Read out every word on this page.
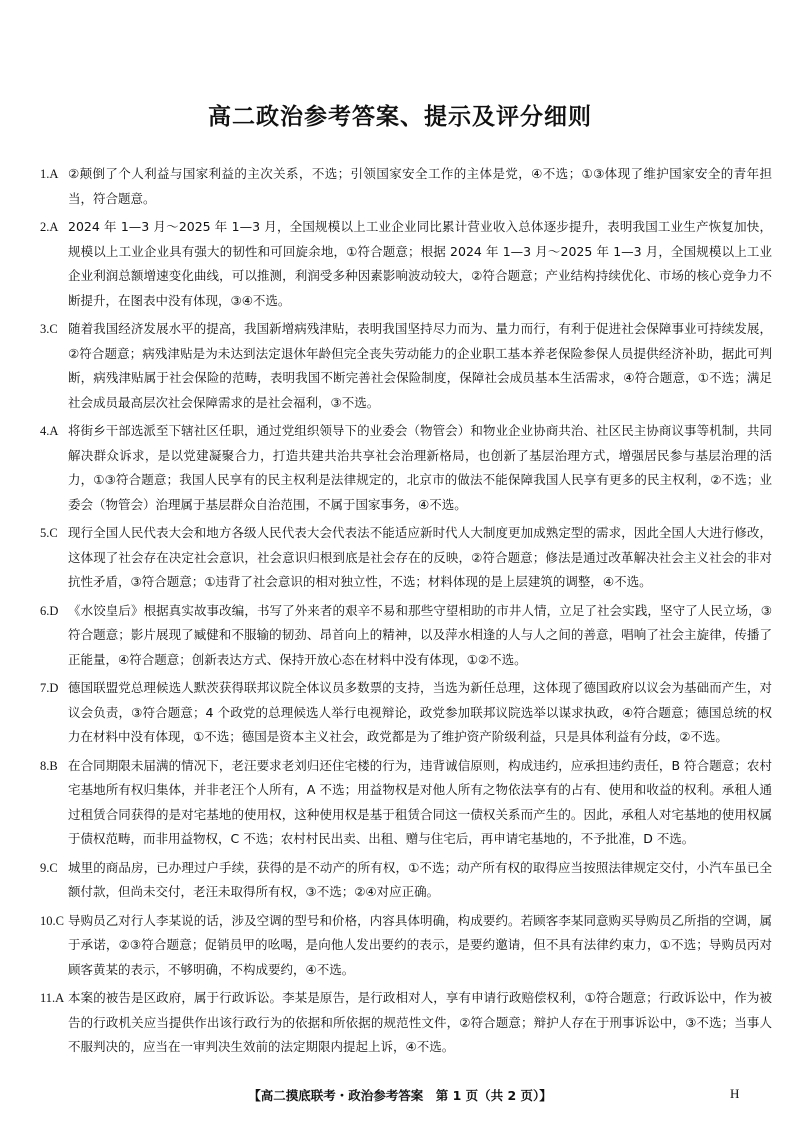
高二政治参考答案、提示及评分细则
1.A ②颠倒了个人利益与国家利益的主次关系，不选；引领国家安全工作的主体是党，④不选；①③体现了维护国家安全的青年担当，符合题意。

2.A 2024 年 1—3 月～2025 年 1—3 月，全国规模以上工业企业同比累计营业收入总体逐步提升，表明我国工业生产恢复加快，规模以上工业企业具有强大的韧性和可回旋余地，①符合题意；根据 2024 年 1—3 月～2025 年 1—3 月，全国规模以上工业企业利润总额增速变化曲线，可以推测，利润受多种因素影响波动较大，②符合题意；产业结构持续优化、市场的核心竞争力不断提升，在图表中没有体现，③④不选。

3.C 随着我国经济发展水平的提高，我国新增病残津贴，表明我国坚持尽力而为、量力而行，有利于促进社会保障事业可持续发展，②符合题意；病残津贴是为未达到法定退休年龄但完全丧失劳动能力的企业职工基本养老保险参保人员提供经济补助，据此可判断，病残津贴属于社会保险的范畴，表明我国不断完善社会保险制度，保障社会成员基本生活需求，④符合题意，①不选；满足社会成员最高层次社会保障需求的是社会福利，③不选。

4.A 将街乡干部选派至下辖社区任职，通过党组织领导下的业委会（物管会）和物业企业协商共治、社区民主协商议事等机制，共同解决群众诉求，是以党建凝聚合力，打造共建共治共享社会治理新格局，也创新了基层治理方式，增强居民参与基层治理的活力，①③符合题意；我国人民享有的民主权利是法律规定的，北京市的做法不能保障我国人民享有更多的民主权利，②不选；业委会（物管会）治理属于基层群众自治范围，不属于国家事务，④不选。

5.C 现行全国人民代表大会和地方各级人民代表大会代表法不能适应新时代人大制度更加成熟定型的需求，因此全国人大进行修改，这体现了社会存在决定社会意识，社会意识归根到底是社会存在的反映，②符合题意；修法是通过改革解决社会主义社会的非对抗性矛盾，③符合题意；①违背了社会意识的相对独立性，不选；材料体现的是上层建筑的调整，④不选。

6.D 《水饺皇后》根据真实故事改编，书写了外来者的艰辛不易和那些守望相助的市井人情，立足了社会实践，坚守了人民立场，③符合题意；影片展现了臧健和不服输的韧劲、昂首向上的精神，以及萍水相逢的人与人之间的善意，唱响了社会主旋律，传播了正能量，④符合题意；创新表达方式、保持开放心态在材料中没有体现，①②不选。

7.D 德国联盟党总理候选人默茨获得联邦议院全体议员多数票的支持，当选为新任总理，这体现了德国政府以议会为基础而产生，对议会负责，③符合题意；4 个政党的总理候选人举行电视辩论，政党参加联邦议院选举以谋求执政，④符合题意；德国总统的权力在材料中没有体现，①不选；德国是资本主义社会，政党都是为了维护资产阶级利益，只是具体利益有分歧，②不选。

8.B 在合同期限未届满的情况下，老汪要求老刘归还住宅楼的行为，违背诚信原则，构成违约，应承担违约责任，B 符合题意；农村宅基地所有权归集体，并非老汪个人所有，A 不选；用益物权是对他人所有之物依法享有的占有、使用和收益的权利。承租人通过租赁合同获得的是对宅基地的使用权，这种使用权是基于租赁合同这一债权关系而产生的。因此，承租人对宅基地的使用权属于债权范畴，而非用益物权，C 不选；农村村民出卖、出租、赠与住宅后，再申请宅基地的，不予批准，D 不选。

9.C 城里的商品房，已办理过户手续，获得的是不动产的所有权，①不选；动产所有权的取得应当按照法律规定交付，小汽车虽已全额付款，但尚未交付，老汪未取得所有权，③不选；②④对应正确。

10.C 导购员乙对行人李某说的话，涉及空调的型号和价格，内容具体明确，构成要约。若顾客李某同意购买导购员乙所指的空调，属于承诺，②③符合题意；促销员甲的吆喝，是向他人发出要约的表示，是要约邀请，但不具有法律约束力，①不选；导购员丙对顾客黄某的表示，不够明确，不构成要约，④不选。

11.A 本案的被告是区政府，属于行政诉讼。李某是原告，是行政相对人，享有申请行政赔偿权利，①符合题意；行政诉讼中，作为被告的行政机关应当提供作出该行政行为的依据和所依据的规范性文件，②符合题意；辩护人存在于刑事诉讼中，③不选；当事人不服判决的，应当在一审判决生效前的法定期限内提起上诉，④不选。

【高二摸底联考・政治参考答案　第 1 页（共 2 页）】	H
